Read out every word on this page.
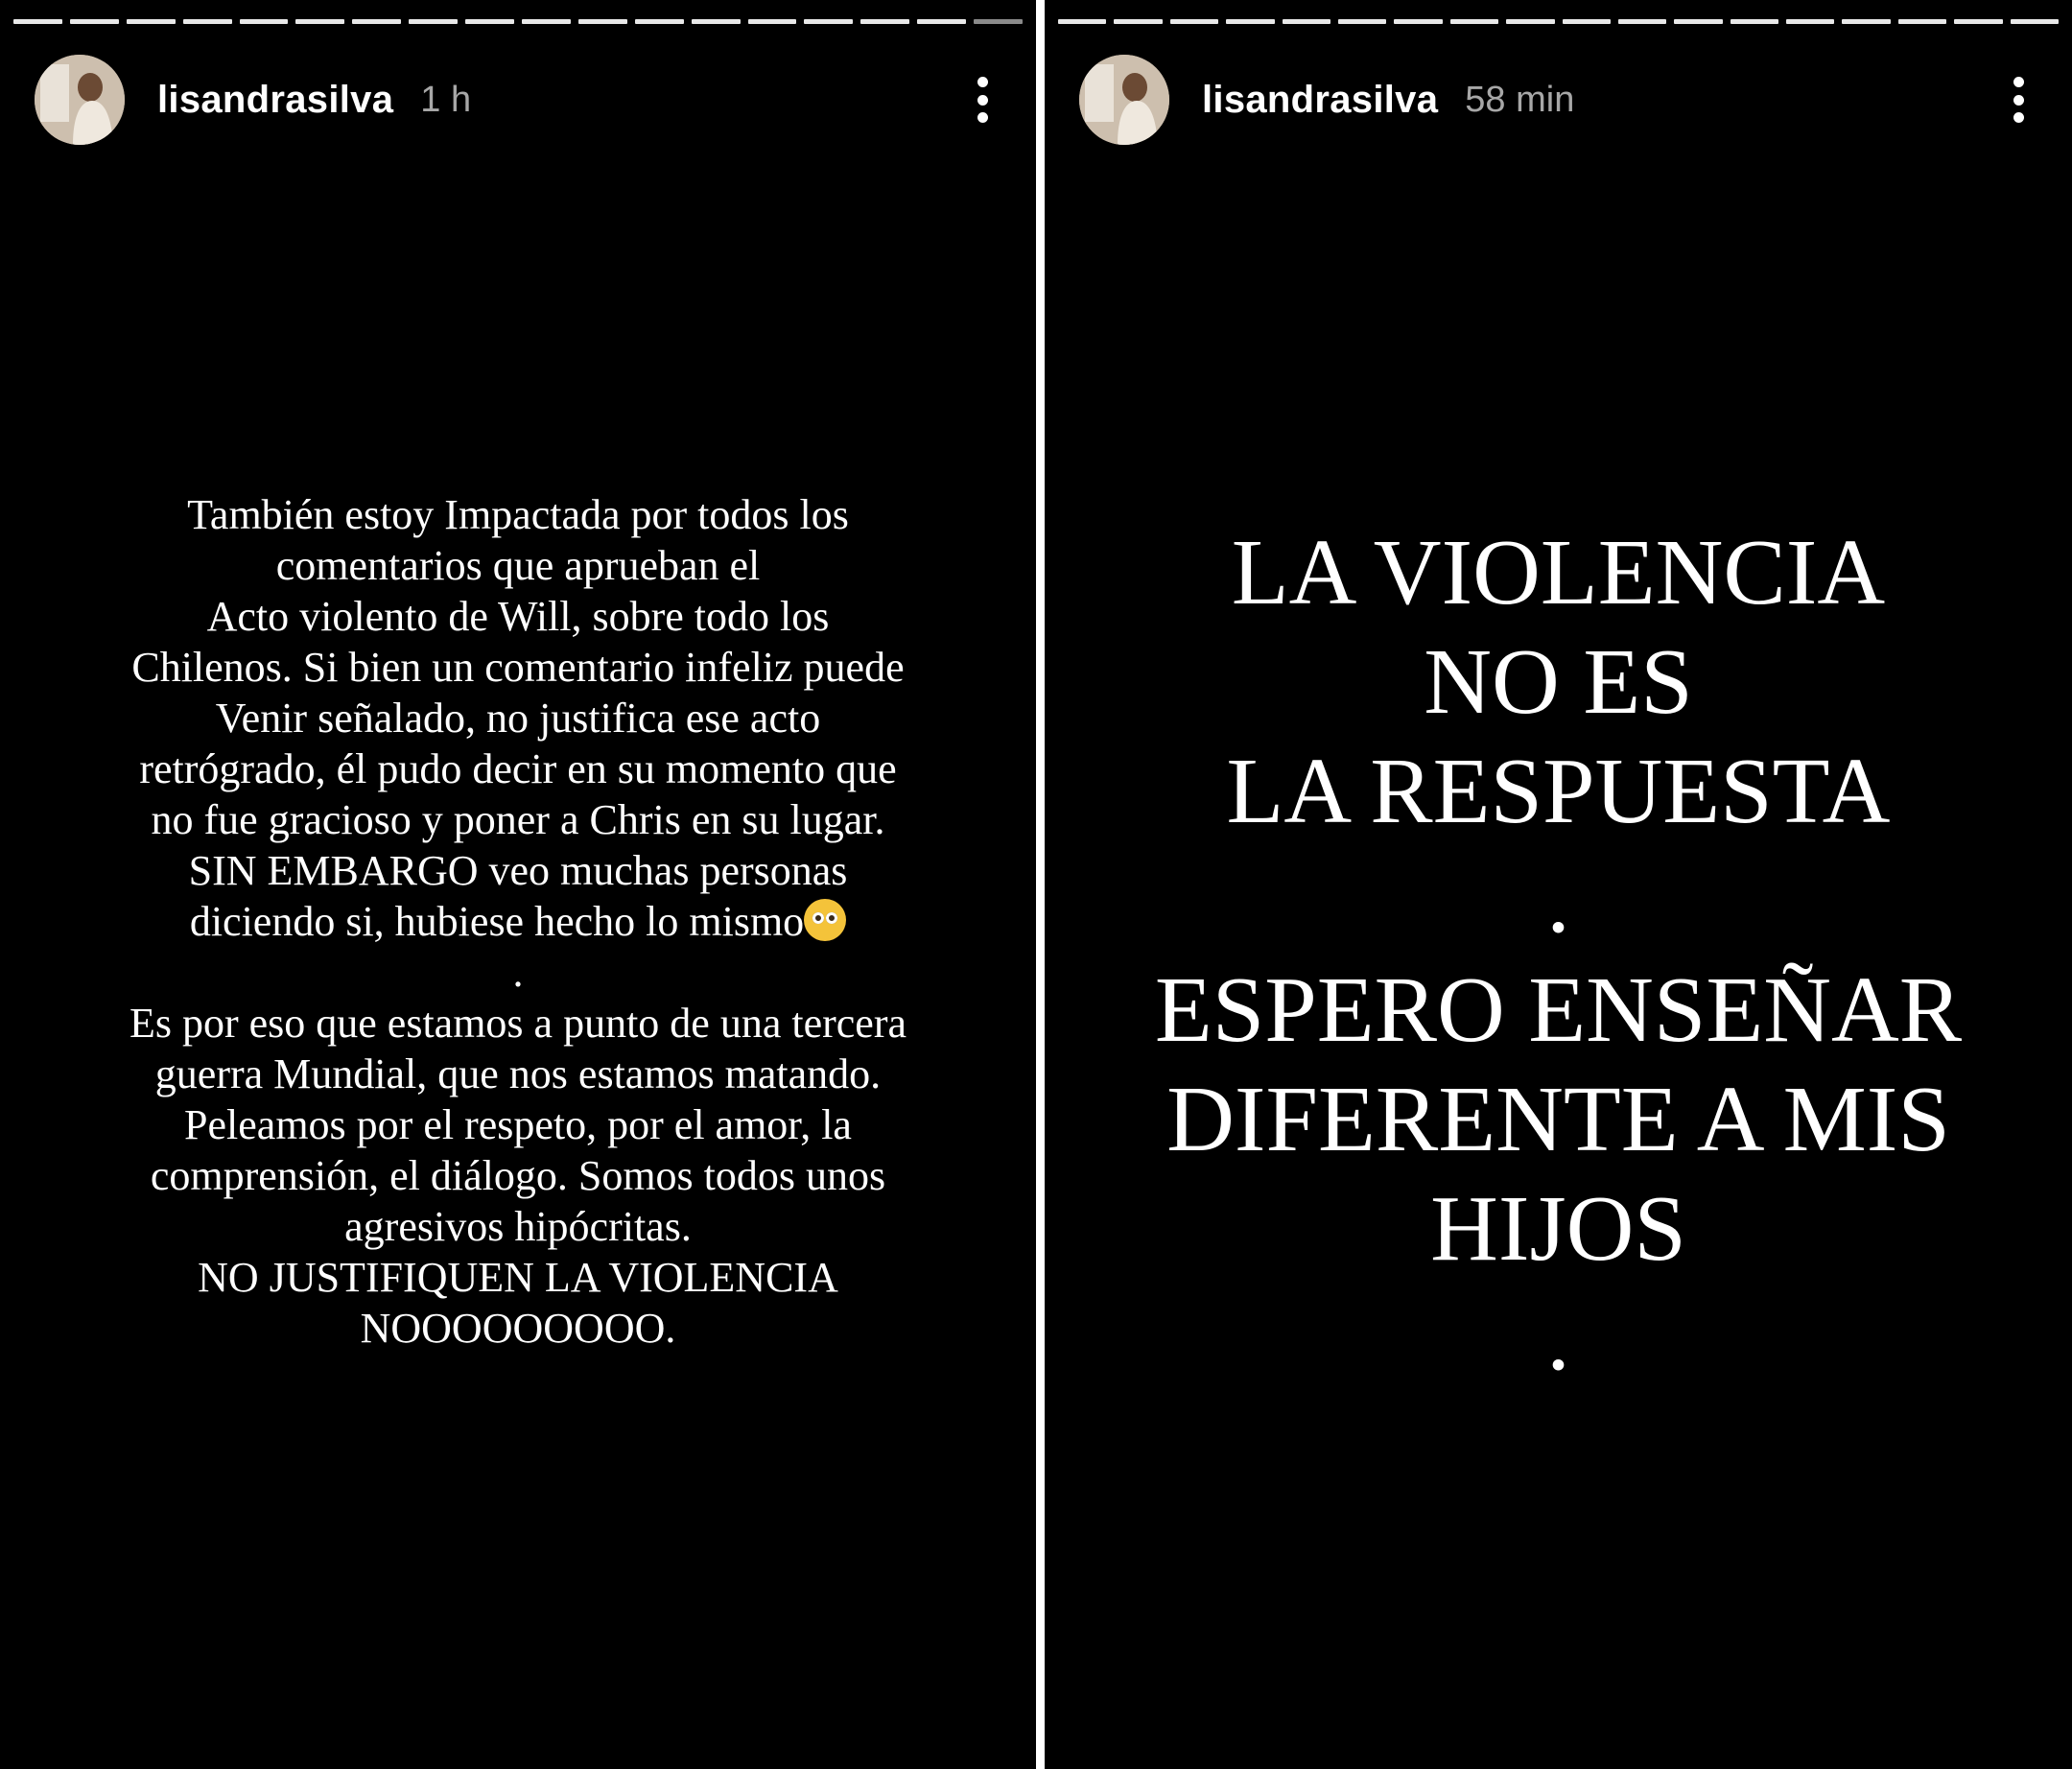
lisandrasilva 1 h
También estoy Impactada por todos los
comentarios que aprueban el
Acto violento de Will, sobre todo los
Chilenos. Si bien un comentario infeliz puede
Venir señalado, no justifica ese acto
retrógrado, él pudo decir en su momento que
no fue gracioso y poner a Chris en su lugar.
SIN EMBARGO veo muchas personas
diciendo si, hubiese hecho lo mismo
.
Es por eso que estamos a punto de una tercera
guerra Mundial, que nos estamos matando.
Peleamos por el respeto, por el amor, la
comprensión, el diálogo. Somos todos unos
agresivos hipócritas.
NO JUSTIFIQUEN LA VIOLENCIA
NOOOOOOOOO.
lisandrasilva 58 min
LA VIOLENCIA
NO ES
LA RESPUESTA
.
ESPERO ENSEÑAR
DIFERENTE A MIS
HIJOS
.
